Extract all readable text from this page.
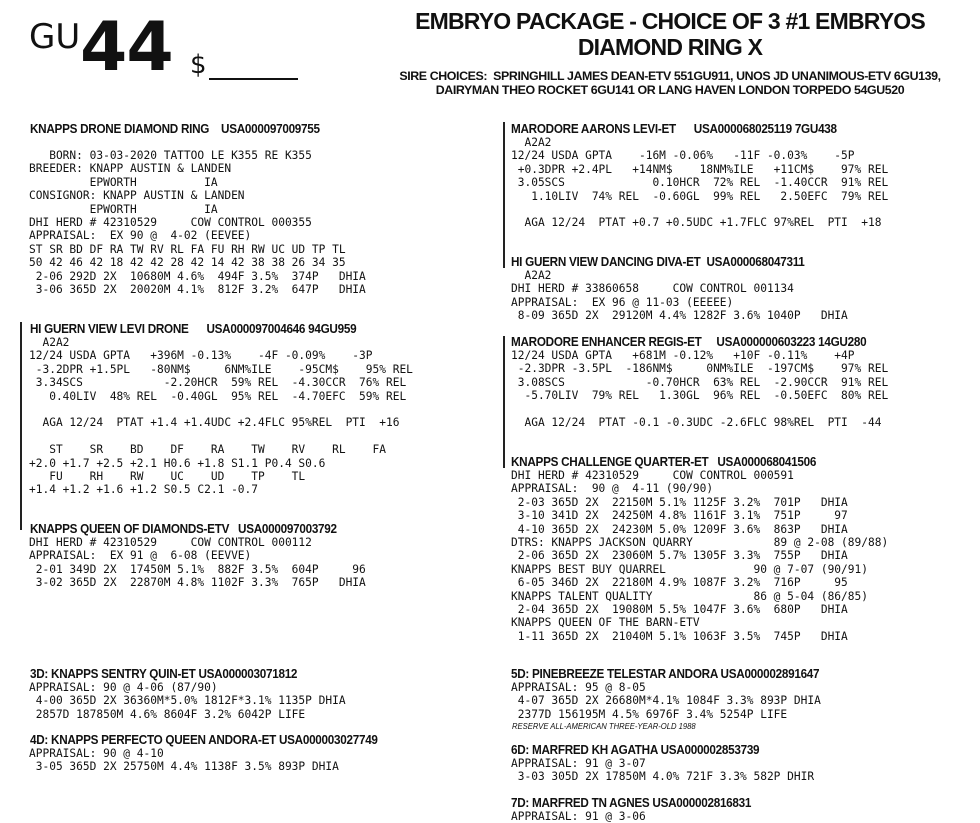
GU 44 $
EMBRYO PACKAGE - CHOICE OF 3 #1 EMBRYOS
DIAMOND RING X
SIRE CHOICES:  SPRINGHILL JAMES DEAN-ETV 551GU911, UNOS JD UNANIMOUS-ETV 6GU139,
DAIRYMAN THEO ROCKET 6GU141 OR LANG HAVEN LONDON TORPEDO 54GU520
KNAPPS DRONE DIAMOND RING    USA000097009755
BORN: 03-03-2020 TATTOO LE K355 RE K355
BREEDER: KNAPP AUSTIN & LANDEN
EPWORTH          IA
CONSIGNOR: KNAPP AUSTIN & LANDEN
EPWORTH          IA
DHI HERD # 42310529     COW CONTROL 000355
APPRAISAL:  EX 90 @  4-02 (EEVEE)
ST SR BD DF RA TW RV RL FA FU RH RW UC UD TP TL
50 42 46 42 18 42 42 28 42 14 42 38 38 26 34 35
2-06 292D 2X  10680M 4.6%  494F 3.5%  374P   DHIA
3-06 365D 2X  20020M 4.1%  812F 3.2%  647P   DHIA
HI GUERN VIEW LEVI DRONE      USA000097004646 94GU959
A2A2
12/24 USDA GPTA   +396M -0.13%    -4F -0.09%    -3P
-3.2DPR +1.5PL   -80NM$     6NM%ILE    -95CM$    95% REL
3.34SCS            -2.20HCR  59% REL  -4.30CCR  76% REL
0.40LIV  48% REL  -0.40GL  95% REL  -4.70EFC  59% REL

AGA 12/24  PTAT +1.4 +1.4UDC +2.4FLC 95%REL  PTI  +16

ST    SR    BD    DF    RA    TW    RV    RL    FA
+2.0 +1.7 +2.5 +2.1 H0.6 +1.8 S1.1 P0.4 S0.6
FU    RH    RW    UC    UD    TP    TL
+1.4 +1.2 +1.6 +1.2 S0.5 C2.1 -0.7
KNAPPS QUEEN OF DIAMONDS-ETV   USA000097003792
DHI HERD # 42310529     COW CONTROL 000112
APPRAISAL:  EX 91 @  6-08 (EEVVE)
2-01 349D 2X  17450M 5.1%  882F 3.5%  604P     96
3-02 365D 2X  22870M 4.8% 1102F 3.3%  765P   DHIA
3D: KNAPPS SENTRY QUIN-ET USA000003071812
APPRAISAL: 90 @ 4-06 (87/90)
4-00 365D 2X 36360M*5.0% 1812F*3.1% 1135P DHIA
2857D 187850M 4.6% 8604F 3.2% 6042P LIFE
4D: KNAPPS PERFECTO QUEEN ANDORA-ET USA000003027749
APPRAISAL: 90 @ 4-10
3-05 365D 2X 25750M 4.4% 1138F 3.5% 893P DHIA
MARODORE AARONS LEVI-ET      USA000068025119 7GU438
A2A2
12/24 USDA GPTA    -16M -0.06%   -11F -0.03%    -5P
+0.3DPR +2.4PL   +14NM$    18NM%ILE   +11CM$    97% REL
3.05SCS             0.10HCR  72% REL  -1.40CCR  91% REL
1.10LIV  74% REL  -0.60GL  99% REL   2.50EFC  79% REL

AGA 12/24  PTAT +0.7 +0.5UDC +1.7FLC 97%REL  PTI  +18
HI GUERN VIEW DANCING DIVA-ET  USA000068047311
A2A2
DHI HERD # 33860658     COW CONTROL 001134
APPRAISAL:  EX 96 @ 11-03 (EEEEE)
8-09 365D 2X  29120M 4.4% 1282F 3.6% 1040P   DHIA
MARODORE ENHANCER REGIS-ET     USA000000603223 14GU280
12/24 USDA GPTA   +681M -0.12%   +10F -0.11%    +4P
-2.3DPR -3.5PL  -186NM$     0NM%ILE  -197CM$    97% REL
3.08SCS            -0.70HCR  63% REL  -2.90CCR  91% REL
-5.70LIV  79% REL   1.30GL  96% REL  -0.50EFC  80% REL

AGA 12/24  PTAT -0.1 -0.3UDC -2.6FLC 98%REL  PTI  -44
KNAPPS CHALLENGE QUARTER-ET   USA000068041506
DHI HERD # 42310529     COW CONTROL 000591
APPRAISAL:  90 @  4-11 (90/90)
2-03 365D 2X  22150M 5.1% 1125F 3.2%  701P   DHIA
3-10 341D 2X  24250M 4.8% 1161F 3.1%  751P     97
4-10 365D 2X  24230M 5.0% 1209F 3.6%  863P   DHIA
DTRS: KNAPPS JACKSON QUARRY            89 @ 2-08 (89/88)
2-06 365D 2X  23060M 5.7% 1305F 3.3%  755P   DHIA
KNAPPS BEST BUY QUARREL             90 @ 7-07 (90/91)
6-05 346D 2X  22180M 4.9% 1087F 3.2%  716P     95
KNAPPS TALENT QUALITY               86 @ 5-04 (86/85)
2-04 365D 2X  19080M 5.5% 1047F 3.6%  680P   DHIA
KNAPPS QUEEN OF THE BARN-ETV
1-11 365D 2X  21040M 5.1% 1063F 3.5%  745P   DHIA
5D: PINEBREEZE TELESTAR ANDORA USA000002891647
APPRAISAL: 95 @ 8-05
4-07 365D 2X 26680M*4.1% 1084F 3.3% 893P DHIA
2377D 156195M 4.5% 6976F 3.4% 5254P LIFE
RESERVE ALL-AMERICAN THREE-YEAR-OLD 1988
6D: MARFRED KH AGATHA USA000002853739
APPRAISAL: 91 @ 3-07
3-03 305D 2X 17850M 4.0% 721F 3.3% 582P DHIR
7D: MARFRED TN AGNES USA000002816831
APPRAISAL: 91 @ 3-06
